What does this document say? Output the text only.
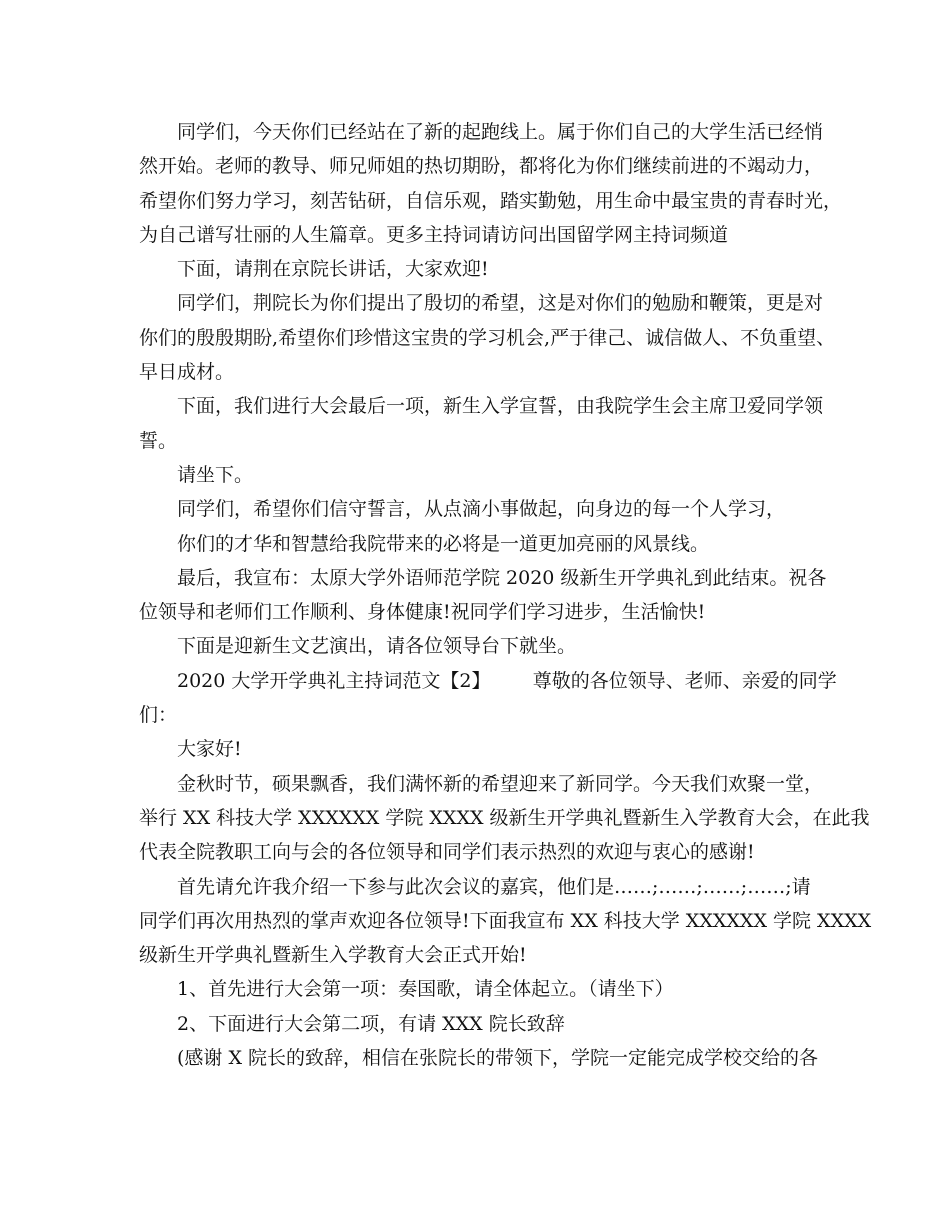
同学们，今天你们已经站在了新的起跑线上。属于你们自己的大学生活已经悄
然开始。老师的教导、师兄师姐的热切期盼，都将化为你们继续前进的不竭动力，
希望你们努力学习，刻苦钻研，自信乐观，踏实勤勉，用生命中最宝贵的青春时光，
为自己谱写壮丽的人生篇章。更多主持词请访问出国留学网主持词频道
下面，请荆在京院长讲话，大家欢迎!
同学们，荆院长为你们提出了殷切的希望，这是对你们的勉励和鞭策，更是对
你们的殷殷期盼,希望你们珍惜这宝贵的学习机会,严于律己、诚信做人、不负重望、
早日成材。
下面，我们进行大会最后一项，新生入学宣誓，由我院学生会主席卫爱同学领
誓。
请坐下。
同学们，希望你们信守誓言，从点滴小事做起，向身边的每一个人学习，
你们的才华和智慧给我院带来的必将是一道更加亮丽的风景线。
最后，我宣布：太原大学外语师范学院 2020 级新生开学典礼到此结束。祝各
位领导和老师们工作顺利、身体健康!祝同学们学习进步，生活愉快!
下面是迎新生文艺演出，请各位领导台下就坐。
2020 大学开学典礼主持词范文【2】       尊敬的各位领导、老师、亲爱的同学
们：
大家好!
金秋时节，硕果飘香，我们满怀新的希望迎来了新同学。今天我们欢聚一堂，
举行 XX 科技大学 XXXXXX 学院 XXXX 级新生开学典礼暨新生入学教育大会，在此我
代表全院教职工向与会的各位领导和同学们表示热烈的欢迎与衷心的感谢!
首先请允许我介绍一下参与此次会议的嘉宾，他们是……;……;……;……;请
同学们再次用热烈的掌声欢迎各位领导!下面我宣布 XX 科技大学 XXXXXX 学院 XXXX
级新生开学典礼暨新生入学教育大会正式开始!
1、首先进行大会第一项：奏国歌，请全体起立。（请坐下）
2、下面进行大会第二项，有请 XXX 院长致辞
(感谢 X 院长的致辞，相信在张院长的带领下，学院一定能完成学校交给的各
